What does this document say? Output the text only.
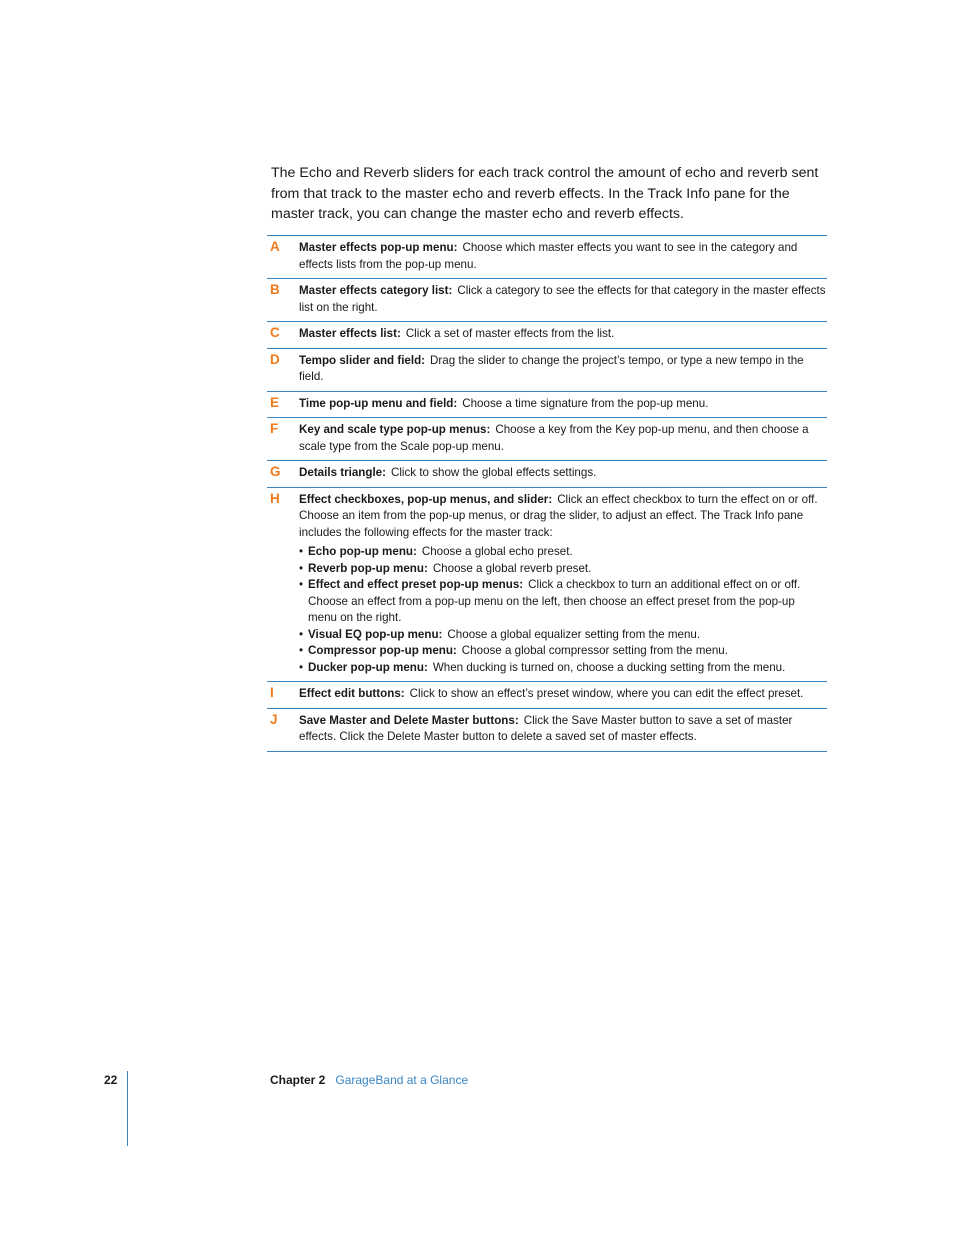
The Echo and Reverb sliders for each track control the amount of echo and reverb sent from that track to the master echo and reverb effects. In the Track Info pane for the master track, you can change the master echo and reverb effects.

A	Master effects pop-up menu: Choose which master effects you want to see in the category and effects lists from the pop-up menu.
B	Master effects category list: Click a category to see the effects for that category in the master effects list on the right.
C	Master effects list: Click a set of master effects from the list.
D	Tempo slider and field: Drag the slider to change the project’s tempo, or type a new tempo in the field.
E	Time pop-up menu and field: Choose a time signature from the pop-up menu.
F	Key and scale type pop-up menus: Choose a key from the Key pop-up menu, and then choose a scale type from the Scale pop-up menu.
G	Details triangle: Click to show the global effects settings.
H	Effect checkboxes, pop-up menus, and slider: Click an effect checkbox to turn the effect on or off. Choose an item from the pop-up menus, or drag the slider, to adjust an effect. The Track Info pane includes the following effects for the master track:
• Echo pop-up menu: Choose a global echo preset.
• Reverb pop-up menu: Choose a global reverb preset.
• Effect and effect preset pop-up menus: Click a checkbox to turn an additional effect on or off. Choose an effect from a pop-up menu on the left, then choose an effect preset from the pop-up menu on the right.
• Visual EQ pop-up menu: Choose a global equalizer setting from the menu.
• Compressor pop-up menu: Choose a global compressor setting from the menu.
• Ducker pop-up menu: When ducking is turned on, choose a ducking setting from the menu.
I	Effect edit buttons: Click to show an effect’s preset window, where you can edit the effect preset.
J	Save Master and Delete Master buttons: Click the Save Master button to save a set of master effects. Click the Delete Master button to delete a saved set of master effects.
22	Chapter 2 GarageBand at a Glance
